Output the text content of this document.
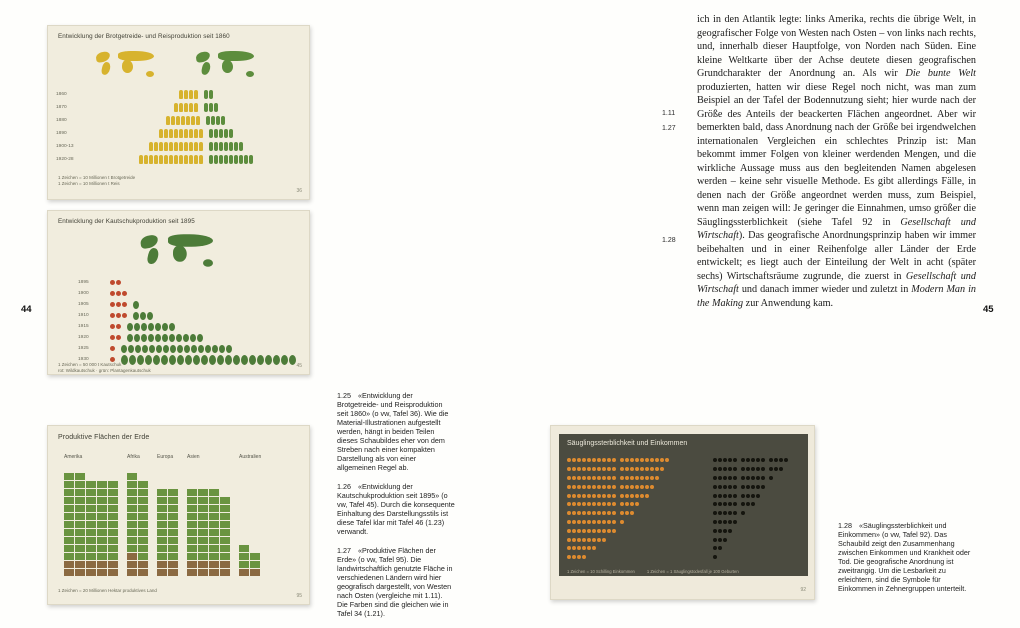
44
Entwicklung der Brotgetreide- und Reisproduktion seit 1860
1860
1870
1880
1890
1900-13
1920-28
1 Zeichen = 10 Millionen t Brotgetreide
1 Zeichen = 10 Millionen t Reis
36
Entwicklung der Kautschukproduktion seit 1895
1895
1900
1905
1910
1915
1920
1925
1930
1 Zeichen = 50 000 t Kautschuk
rot: Wildkautschuk · grün: Plantagenkautschuk
45
Produktive Flächen der Erde
Amerika	Afrika	Europa	Asien	Australien
1 Zeichen = 20 Millionen Hektar produktives Land
95

1.25 «Entwicklung der Brotgetreide- und Reisproduktion seit 1860» (o vw, Tafel 36). Wie die Material-Illustrationen aufgestellt werden, hängt in beiden Teilen dieses Schaubildes eher von dem Streben nach einer kompakten Darstellung als von einer allgemeinen Regel ab.

1.26 «Entwicklung der Kautschukproduktion seit 1895» (o vw, Tafel 45). Durch die konsequente Einhaltung des Darstellungsstils ist diese Tafel klar mit Tafel 46 (1.23) verwandt.

1.27 «Produktive Flächen der Erde» (o vw, Tafel 95). Die landwirtschaftlich genutzte Fläche in verschiedenen Ländern wird hier geografisch dargestellt, von Westen nach Osten (vergleiche mit 1.11). Die Farben sind die gleichen wie in Tafel 34 (1.21).

1.11
1.27
1.28
ich in den Atlantik legte: links Amerika, rechts die übrige Welt, in geografischer Folge von Westen nach Osten – von links nach rechts, und, innerhalb dieser Hauptfolge, von Norden nach Süden. Eine kleine Weltkarte über der Achse deutete diesen geografischen Grundcharakter der Anordnung an. Als wir Die bunte Welt produzierten, hatten wir diese Regel noch nicht, was man zum Beispiel an der Tafel der Bodennutzung sieht; hier wurde nach der Größe des Anteils der beackerten Flächen angeordnet. Aber wir bemerkten bald, dass Anordnung nach der Größe bei irgendwelchen internationalen Vergleichen ein schlechtes Prinzip ist: Man bekommt immer Folgen von kleiner werdenden Mengen, und die wirkliche Aussage muss aus den begleitenden Namen abgelesen werden – keine sehr visuelle Methode. Es gibt allerdings Fälle, in denen nach der Größe angeordnet werden muss, zum Beispiel, wenn man zeigen will: Je geringer die Einnahmen, umso größer die Säuglingssterblichkeit (siehe Tafel 92 in Gesellschaft und Wirtschaft). Das geografische Anordnungsprinzip haben wir immer beibehalten und in einer Reihenfolge aller Länder der Erde entwickelt; es liegt auch der Einteilung der Welt in acht (später sechs) Wirtschaftsräume zugrunde, die zuerst in Gesellschaft und Wirtschaft und danach immer wieder und zuletzt in Modern Man in the Making zur Anwendung kam.
45
Säuglingssterblichkeit und Einkommen
1 Zeichen = 10 Schilling Einkommen	1 Zeichen = 1 Säuglingstodesfall je 100 Geburten
92

1.28 «Säuglingssterblichkeit und Einkommen» (o vw, Tafel 92). Das Schaubild zeigt den Zusammenhang zwischen Einkommen und Krankheit oder Tod. Die geografische Anordnung ist zweitrangig. Um die Lesbarkeit zu erleichtern, sind die Symbole für Einkommen in Zehnergruppen unterteilt.
